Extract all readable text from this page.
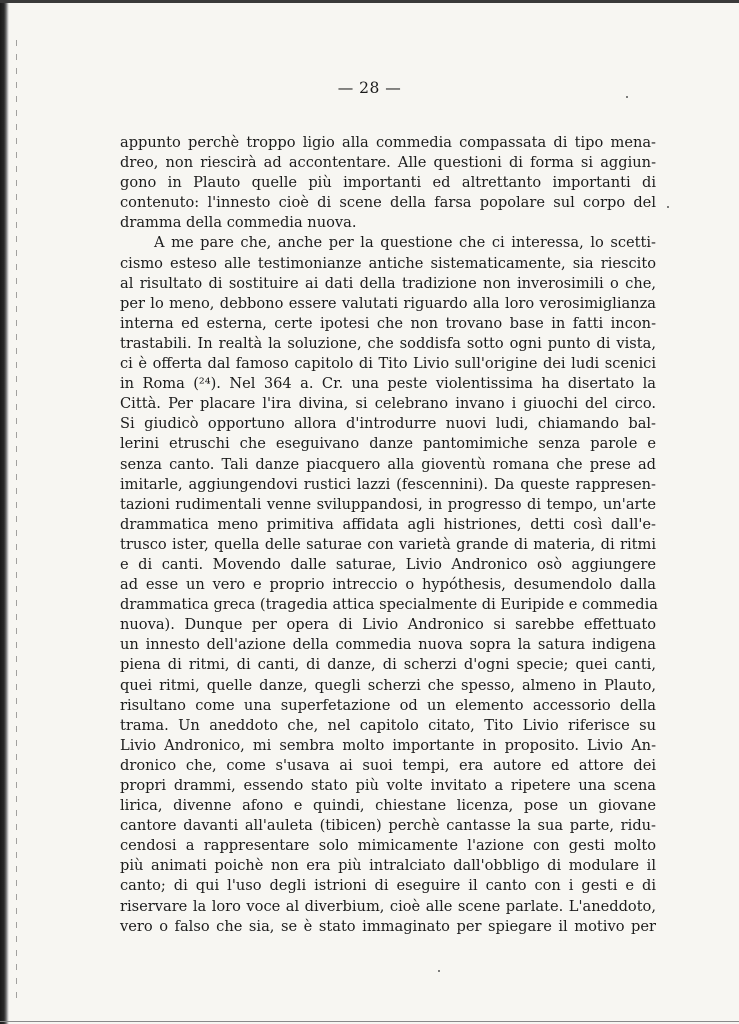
— 28 —
appunto perchè troppo ligio alla commedia compassata di tipo mena-
dreo, non riescirà ad accontentare. Alle questioni di forma si aggiun-
gono in Plauto quelle più importanti ed altrettanto importanti di
contenuto: l'innesto cioè di scene della farsa popolare sul corpo del
dramma della commedia nuova.
A me pare che, anche per la questione che ci interessa, lo scetti-
cismo esteso alle testimonianze antiche sistematicamente, sia riescito
al risultato di sostituire ai dati della tradizione non inverosimili o che,
per lo meno, debbono essere valutati riguardo alla loro verosimiglianza
interna ed esterna, certe ipotesi che non trovano base in fatti incon-
trastabili. In realtà la soluzione, che soddisfa sotto ogni punto di vista,
ci è offerta dal famoso capitolo di Tito Livio sull'origine dei ludi scenici
in Roma (²⁴). Nel 364 a. Cr. una peste violentissima ha disertato la
Città. Per placare l'ira divina, si celebrano invano i giuochi del circo.
Si giudicò opportuno allora d'introdurre nuovi ludi, chiamando bal-
lerini etruschi che eseguivano danze pantomimiche senza parole e
senza canto. Tali danze piacquero alla gioventù romana che prese ad
imitarle, aggiungendovi rustici lazzi (fescennini). Da queste rappresen-
tazioni rudimentali venne sviluppandosi, in progresso di tempo, un'arte
drammatica meno primitiva affidata agli histriones, detti così dall'e-
trusco ister, quella delle saturae con varietà grande di materia, di ritmi
e di canti. Movendo dalle saturae, Livio Andronico osò aggiungere
ad esse un vero e proprio intreccio o hypóthesis, desumendolo dalla
drammatica greca (tragedia attica specialmente di Euripide e commedia
nuova). Dunque per opera di Livio Andronico si sarebbe effettuato
un innesto dell'azione della commedia nuova sopra la satura indigena
piena di ritmi, di canti, di danze, di scherzi d'ogni specie; quei canti,
quei ritmi, quelle danze, quegli scherzi che spesso, almeno in Plauto,
risultano come una superfetazione od un elemento accessorio della
trama. Un aneddoto che, nel capitolo citato, Tito Livio riferisce su
Livio Andronico, mi sembra molto importante in proposito. Livio An-
dronico che, come s'usava ai suoi tempi, era autore ed attore dei
propri drammi, essendo stato più volte invitato a ripetere una scena
lirica, divenne afono e quindi, chiestane licenza, pose un giovane
cantore davanti all'auleta (tibicen) perchè cantasse la sua parte, ridu-
cendosi a rappresentare solo mimicamente l'azione con gesti molto
più animati poichè non era più intralciato dall'obbligo di modulare il
canto; di qui l'uso degli istrioni di eseguire il canto con i gesti e di
riservare la loro voce al diverbium, cioè alle scene parlate. L'aneddoto,
vero o falso che sia, se è stato immaginato per spiegare il motivo per
